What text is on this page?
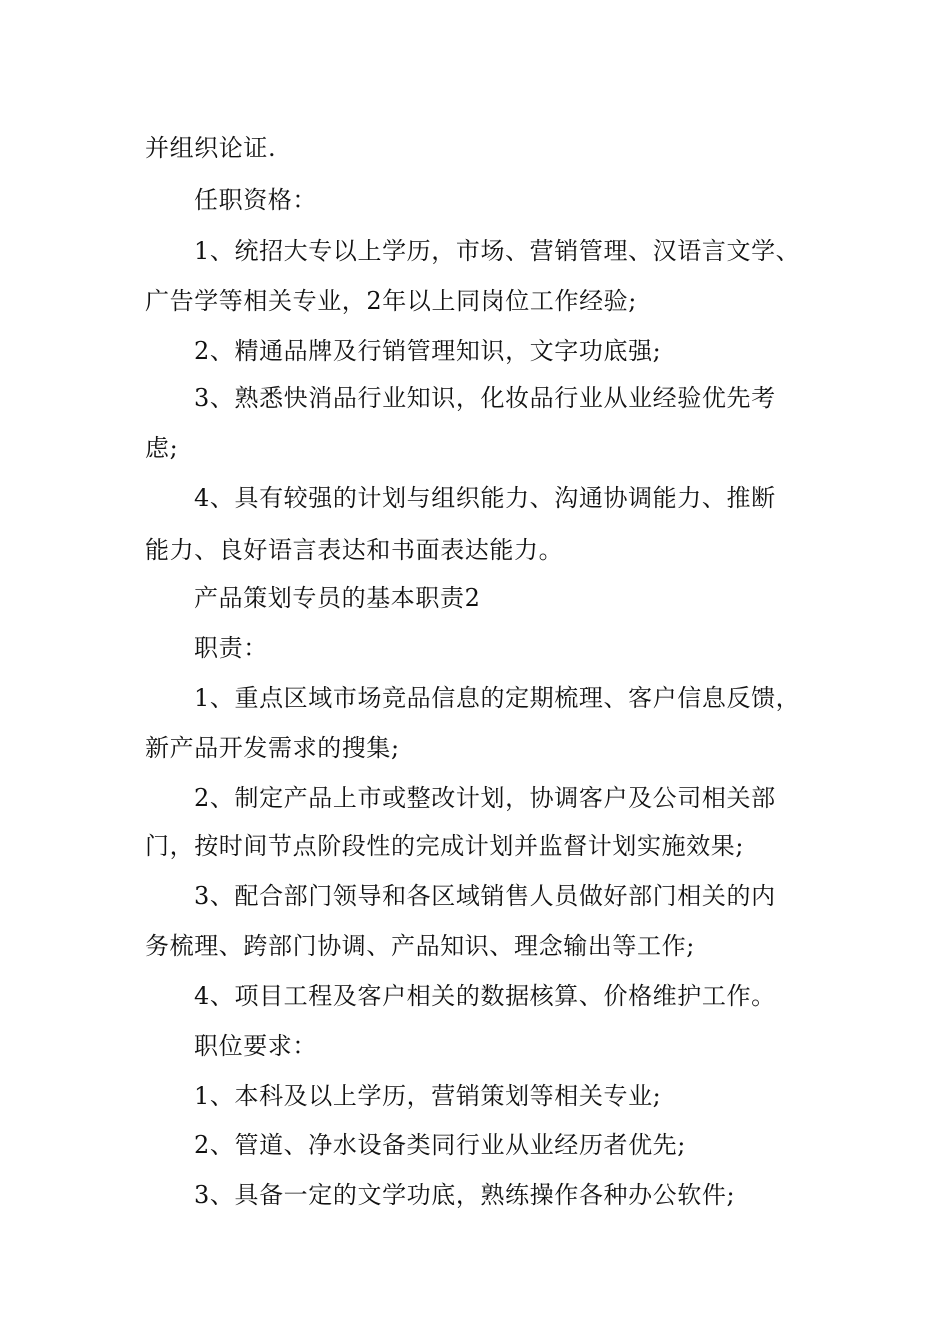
并组织论证.
任职资格：
1、统招大专以上学历，市场、营销管理、汉语言文学、
广告学等相关专业，2年以上同岗位工作经验;
2、精通品牌及行销管理知识，文字功底强;
3、熟悉快消品行业知识，化妆品行业从业经验优先考
虑;
4、具有较强的计划与组织能力、沟通协调能力、推断
能力、良好语言表达和书面表达能力。
产品策划专员的基本职责2
职责：
1、重点区域市场竞品信息的定期梳理、客户信息反馈，
新产品开发需求的搜集;
2、制定产品上市或整改计划，协调客户及公司相关部
门，按时间节点阶段性的完成计划并监督计划实施效果;
3、配合部门领导和各区域销售人员做好部门相关的内
务梳理、跨部门协调、产品知识、理念输出等工作;
4、项目工程及客户相关的数据核算、价格维护工作。
职位要求：
1、本科及以上学历，营销策划等相关专业;
2、管道、净水设备类同行业从业经历者优先;
3、具备一定的文学功底，熟练操作各种办公软件;
